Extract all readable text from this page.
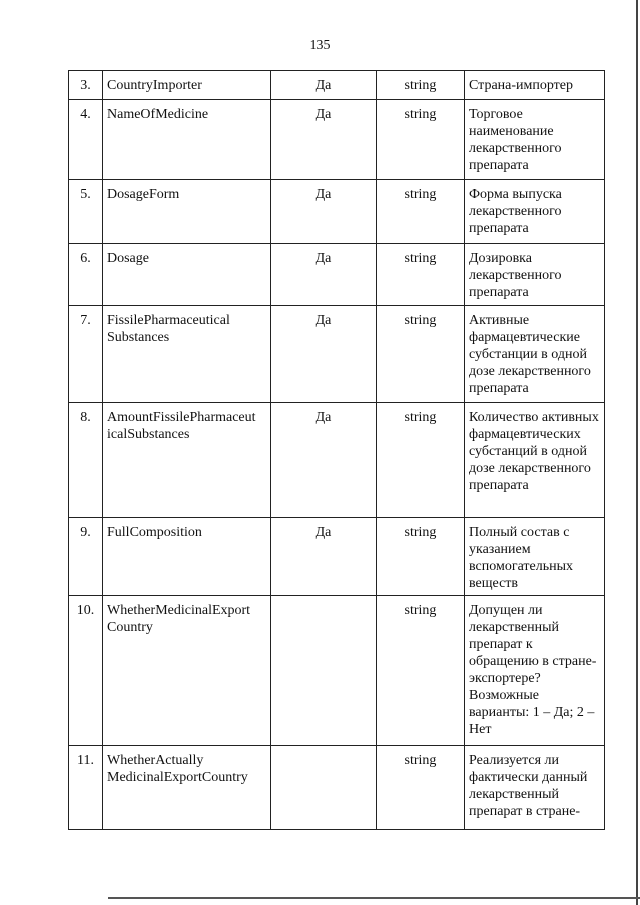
135
3.	CountryImporter	Да	string	Страна-импортер
4.	NameOfMedicine	Да	string	Торговое наименование лекарственного препарата
5.	DosageForm	Да	string	Форма выпуска лекарственного препарата
6.	Dosage	Да	string	Дозировка лекарственного препарата
7.	FissilePharmaceutical Substances	Да	string	Активные фармацевтические субстанции в одной дозе лекарственного препарата
8.	AmountFissilePharmaceut icalSubstances	Да	string	Количество активных фармацевтических субстанций в одной дозе лекарственного препарата
9.	FullComposition	Да	string	Полный состав с указанием вспомогательных веществ
10.	WhetherMedicinalExport Country		string	Допущен ли лекарственный препарат к обращению в стране-экспортере? Возможные варианты: 1 – Да; 2 – Нет
11.	WhetherActually MedicinalExportCountry		string	Реализуется ли фактически данный лекарственный препарат в стране-
